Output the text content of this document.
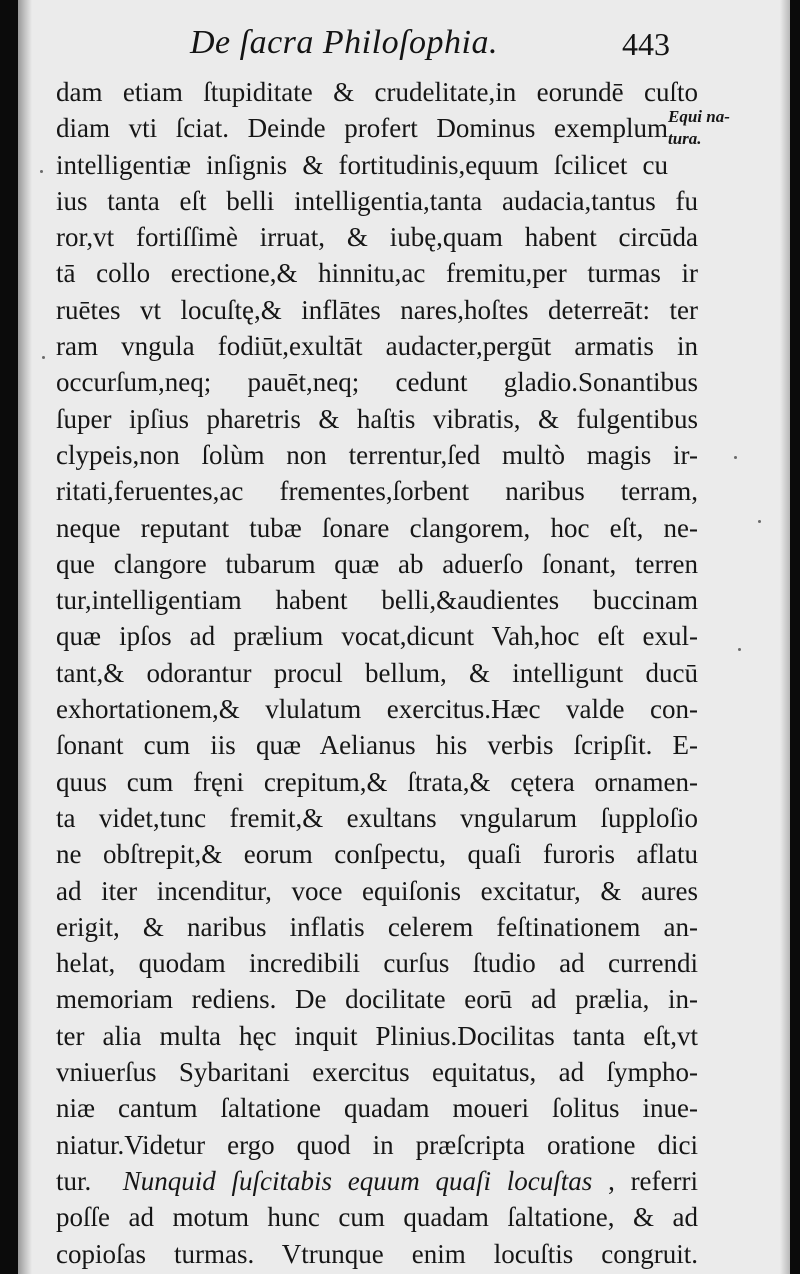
De ſacra Philoſophia.	443
Equi na-
tura.
dam etiam ſtupiditate & crudelitate,in eorundē cuſto
diam vti ſciat. Deinde profert Dominus exemplum
intelligentiæ inſignis & fortitudinis,equum ſcilicet cu
ius tanta eſt belli intelligentia,tanta audacia,tantus fu
ror,vt fortiſſimè irruat, & iubę,quam habent circūda
tā collo erectione,& hinnitu,ac fremitu,per turmas ir
ruētes vt locuſtę,& inflātes nares,hoſtes deterreāt: ter
ram vngula fodiūt,exultāt audacter,pergūt armatis in
occurſum,neq; pauēt,neq; cedunt gladio.Sonantibus
ſuper ipſius pharetris & haſtis vibratis, & fulgentibus
clypeis,non ſolùm non terrentur,ſed multò magis ir-
ritati,feruentes,ac frementes,ſorbent naribus terram,
neque reputant tubæ ſonare clangorem, hoc eſt, ne-
que clangore tubarum quæ ab aduerſo ſonant, terren
tur,intelligentiam habent belli,&audientes buccinam
quæ ipſos ad prælium vocat,dicunt Vah,hoc eſt exul-
tant,& odorantur procul bellum, & intelligunt ducū
exhortationem,& vlulatum exercitus.Hæc valde con-
ſonant cum iis quæ Aelianus his verbis ſcripſit. E-
quus cum fręni crepitum,& ſtrata,& cętera ornamen-
ta videt,tunc fremit,& exultans vngularum ſupploſio
ne obſtrepit,& eorum conſpectu, quaſi furoris aflatu
ad iter incenditur, voce equiſonis excitatur, & aures
erigit, & naribus inflatis celerem feſtinationem an-
helat, quodam incredibili curſus ſtudio ad currendi
memoriam rediens. De docilitate eorū ad prælia, in-
ter alia multa hęc inquit Plinius.Docilitas tanta eſt,vt
vniuerſus Sybaritani exercitus equitatus, ad ſympho-
niæ cantum ſaltatione quadam moueri ſolitus inue-
niatur.Videtur ergo quod in præſcripta oratione dici
tur. Nunquid ſuſcitabis equum quaſi locuſtas , referri
poſſe ad motum hunc cum quadam ſaltatione, & ad
copioſas turmas. Vtrunque enim locuſtis congruit.
